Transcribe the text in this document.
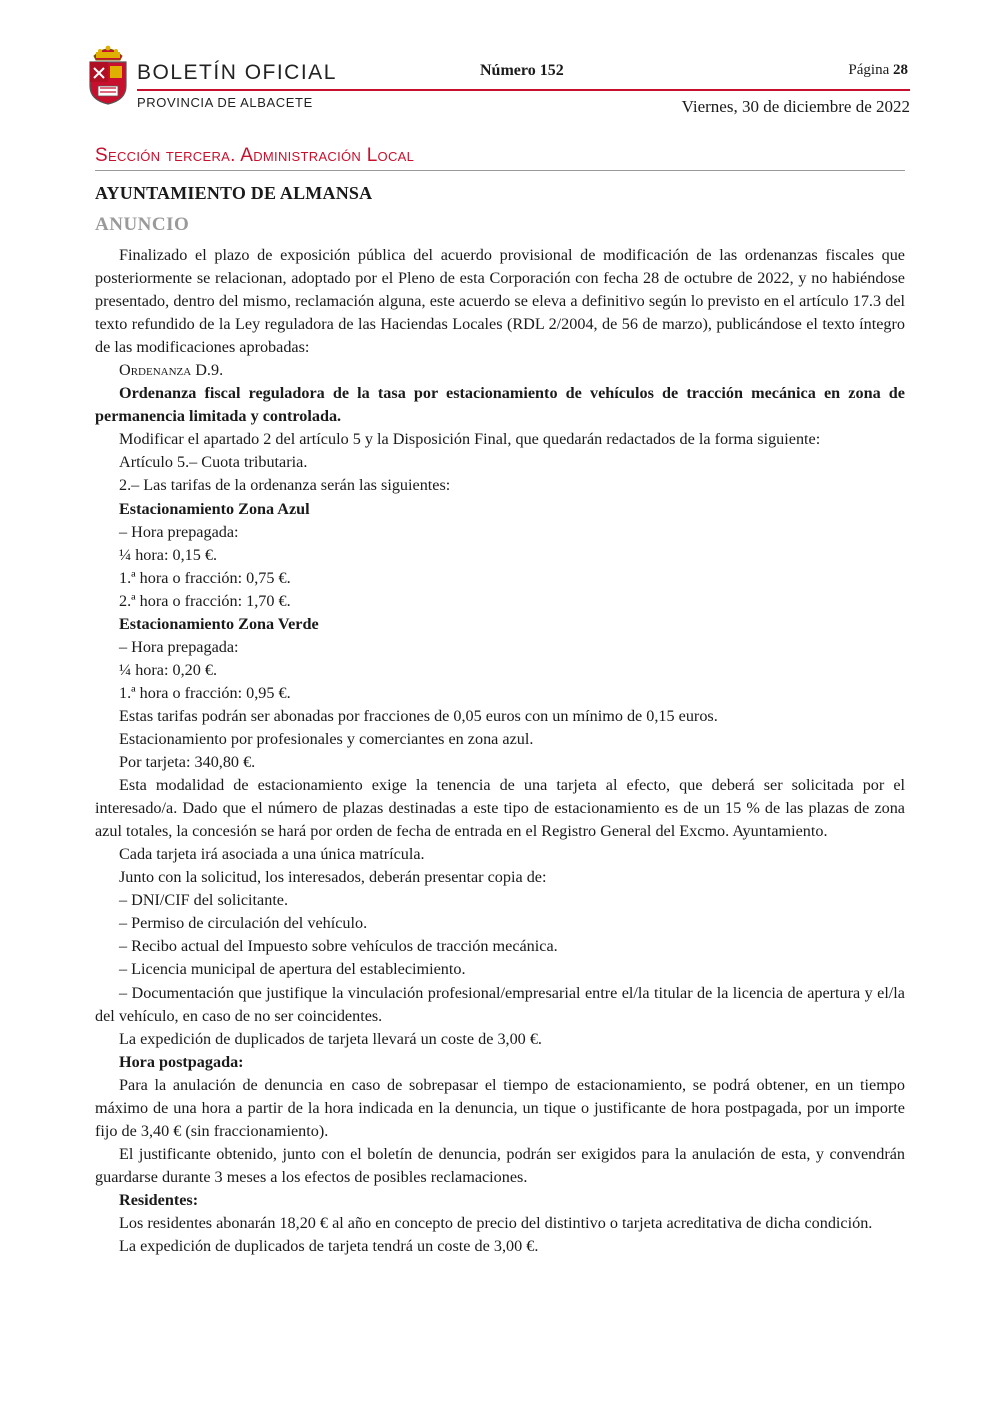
BOLETÍN OFICIAL
PROVINCIA DE ALBACETE
Número 152	Página 28
Viernes, 30 de diciembre de 2022
Sección tercera. Administración Local
AYUNTAMIENTO DE ALMANSA
ANUNCIO

Finalizado el plazo de exposición pública del acuerdo provisional de modificación de las ordenanzas fiscales que posteriormente se relacionan, adoptado por el Pleno de esta Corporación con fecha 28 de octubre de 2022, y no habiéndose presentado, dentro del mismo, reclamación alguna, este acuerdo se eleva a definitivo según lo previsto en el artículo 17.3 del texto refundido de la Ley reguladora de las Haciendas Locales (RDL 2/2004, de 56 de marzo), publicándose el texto íntegro de las modificaciones aprobadas:

Ordenanza D.9.

Ordenanza fiscal reguladora de la tasa por estacionamiento de vehículos de tracción mecánica en zona de permanencia limitada y controlada.

Modificar el apartado 2 del artículo 5 y la Disposición Final, que quedarán redactados de la forma siguiente:

Artículo 5.– Cuota tributaria.

2.– Las tarifas de la ordenanza serán las siguientes:

Estacionamiento Zona Azul

– Hora prepagada:

¼ hora: 0,15 €.

1.ª hora o fracción: 0,75 €.

2.ª hora o fracción: 1,70 €.

Estacionamiento Zona Verde

– Hora prepagada:

¼ hora: 0,20 €.

1.ª hora o fracción: 0,95 €.

Estas tarifas podrán ser abonadas por fracciones de 0,05 euros con un mínimo de 0,15 euros.

Estacionamiento por profesionales y comerciantes en zona azul.

Por tarjeta: 340,80 €.

Esta modalidad de estacionamiento exige la tenencia de una tarjeta al efecto, que deberá ser solicitada por el interesado/a. Dado que el número de plazas destinadas a este tipo de estacionamiento es de un 15 % de las plazas de zona azul totales, la concesión se hará por orden de fecha de entrada en el Registro General del Excmo. Ayuntamiento.

Cada tarjeta irá asociada a una única matrícula.

Junto con la solicitud, los interesados, deberán presentar copia de:

– DNI/CIF del solicitante.

– Permiso de circulación del vehículo.

– Recibo actual del Impuesto sobre vehículos de tracción mecánica.

– Licencia municipal de apertura del establecimiento.

– Documentación que justifique la vinculación profesional/empresarial entre el/la titular de la licencia de apertura y el/la del vehículo, en caso de no ser coincidentes.

La expedición de duplicados de tarjeta llevará un coste de 3,00 €.

Hora postpagada:

Para la anulación de denuncia en caso de sobrepasar el tiempo de estacionamiento, se podrá obtener, en un tiempo máximo de una hora a partir de la hora indicada en la denuncia, un tique o justificante de hora postpagada, por un importe fijo de 3,40 € (sin fraccionamiento).

El justificante obtenido, junto con el boletín de denuncia, podrán ser exigidos para la anulación de esta, y convendrán guardarse durante 3 meses a los efectos de posibles reclamaciones.

Residentes:

Los residentes abonarán 18,20 € al año en concepto de precio del distintivo o tarjeta acreditativa de dicha condición.

La expedición de duplicados de tarjeta tendrá un coste de 3,00 €.
